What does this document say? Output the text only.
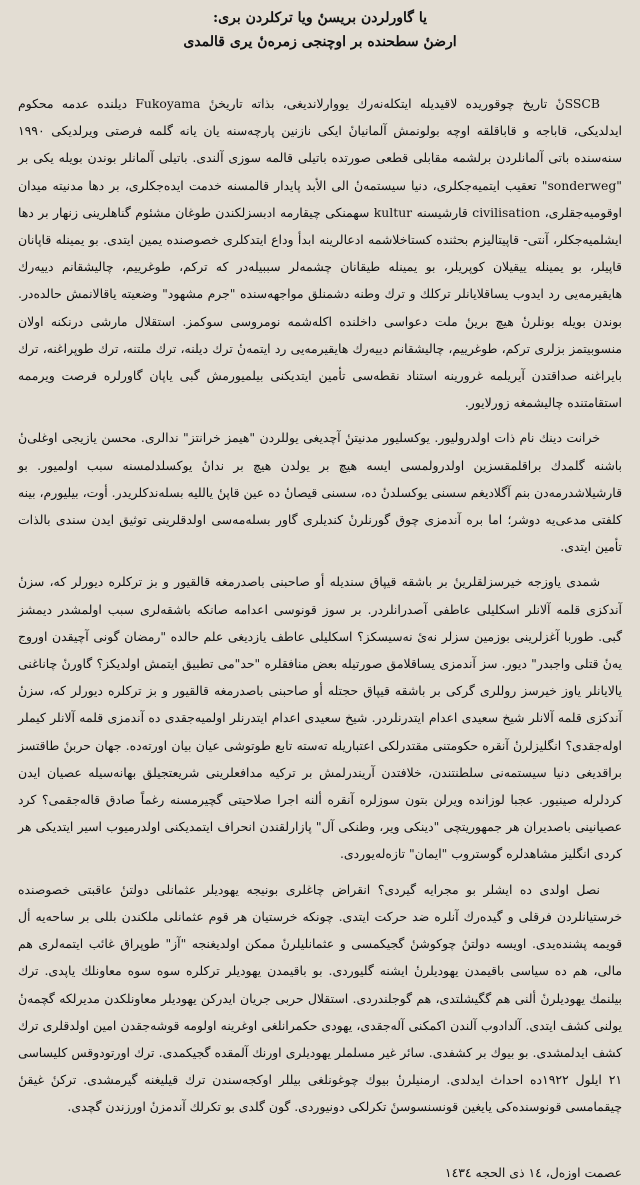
یا گاورلردن بریسنٔ ویا ترکلردن بری:

ارضنٔ سطحنده بر اوچنجی زمرەنٔ یری قالمدی

SSCBنٔ تاریخ چوقوریده لاقیدیله ایتکلەنەرك یووارلاندیغی، بذاته تاریخنٔ Fukoyama دیلنده عدمه محکوم ایدلدیکی، قاباجه و قاباقلقه اوچه بولونمش آلمانیانٔ ایکی نازنین پارچەسنه یان یانه گلمه فرصتی ویرلدیکی ۱۹۹۰ سنەسنده باتی آلمانلردن برلشمه مقابلی قطعی صورتده باتیلی قالمه سوزی آلندی. باتیلی آلمانلر بوندن بویله یکی بر "sonderweg" تعقیب ایتمیەجکلری، دنیا سیستمەنٔ الی الأبد پایدار قالمسنه خدمت ایدەجکلری، بر دها مدنیته میدان اوقومیەجقلری، civilisation قارشیسنه kultur سهمنکی چیقارمه ادبسزلکندن طوغان مشئوم گناهلرینی زنهار بر دها ایشلمیەجکلر، آنتی- قاپیتالیزم بحثنده کستاخلاشمه ادعالرینه ابدأ وداع ایتدکلری خصوصنده یمین ایتدی. بو یمینله قاپانان قاپیلر، بو یمینله ییقیلان کوپریلر، بو یمینله طیقانان چشمەلر سببیلەدر که ترکم، طوغرییم، چالیشقانم دییەرك هایقیرمه‌یی رد ایدوب یساقلایانلر ترکلك و ترك وطنه دشمنلق مواجهەسنده "جرم مشهود" وضعیته یاقالانمش حالدەدر. بوندن بویله بونلرنٔ هیچ برینٔ ملت دعواسی داخلنده اکلەشمه نومروسی سوکمز. استقلال مارشی درنکنه اولان منسوبیتمز بزلری ترکم، طوغرییم، چالیشقانم دییەرك هایقیرمه‌یی رد ایتمەنٔ ترك دیلنه، ترك ملتنه، ترك طوپراغنه، ترك بایراغنه صداقتدن آیریلمه غرورینه استناد نقطەسی تأمین ایتدیکنی بیلمیورمش گبی یاپان گاورلره فرصت ویرممه استقامتنده چالیشمغه زورلایور.

خرانت دینك نام ذات اولدرولیور. یوکسلیور مدنیتنٔ آچدیغی یوللردن "هیمز خرانتز" ندالری. محسن یازیجی اوغلی‌نٔ باشنه گلمدك براقلمقسزین اولدرولمسی ایسه هیچ بر یولدن هیچ بر ندانٔ یوکسلدلمسنه سبب اولمیور. بو قارشیلاشدرمه‌دن بنم آگلادیغم سسنی یوکسلدنٔ ده، سسنی قیصانٔ ده عین قاپنٔ یاللیه بسلەندکلریدر. أوت، بیلیورم، بینه کلفتی مدعی‌یه دوشر؛ اما بره آندمزی چوق گورنلرنٔ کندیلری گاور بسلەمەسی اولدقلرینی توثیق ایدن سندی بالذات تأمین ایتدی.

شمدی یاوزجه خیرسزلقلرینٔ بر باشقه قیپاق سندیله أو صاحبنی باصدرمغه قالقیور و بز ترکلره دیورلر که، سزنٔ آندکزی قلمه آلانلر اسکلیلی عاطفی آصدرانلردر. بر سوز قونوسی اعدامه صانکه باشقەلری سبب اولمشدر دیمشز گبی. طوربا آغزلرینی بوزمین سزلر نەیٔ نەسیسکز؟ اسکلیلی عاطف یازدیغی علم حالده "رمضان گونی آچیقدن اوروج یەنٔ قتلی واجبدر" دیور. سز آندمزی یساقلامق صورتیله بعض منافقلره "حد"می تطبیق ایتمش اولدیکز؟ گاورنٔ چاناغنی یالایانلر یاوز خیرسز روللری گرکی بر باشقه قیپاق حجتله أو صاحبنی باصدرمغه قالقیور و بز ترکلره دیورلر که، سزنٔ آندکزی قلمه آلانلر شیخ سعیدی اعدام ایتدرنلردر. شیخ سعیدی اعدام ایتدرنلر اولمیەجقدی ده آندمزی قلمه آلانلر کیملر اولەجقدی؟ انگلیزلرنٔ آنقره حکومتنی مقتدرلکی اعتباریله تەسته تابع طوتوشی عیان بیان اورتەده. جهان حربنٔ طاقتسز براقدیغی دنیا سیستمەنی سلطنتندن، خلافتدن آریندرلمش بر ترکیه مدافعلرینی شریعتجیلق بهانەسیله عصیان ایدن کردلرله صینیور. عجبا لوزانده ویرلن بتون سوزلره آنقره ألنه اجرا صلاحیتی گچیرمسنه رغماً صادق قالەجقمی؟ کرد عصیانینی باصدیران هر جمهوریتچی "دینکی ویر، وطنکی آل" پازارلقندن انحراف ایتمدیکنی اولدرمیوب اسیر ایتدیکی هر کردی انگلیز مشاهدلره گوستروب "ایمان" تازەلەیوردی.

نصل اولدی ده ایشلر بو مجرایه گیردی؟ انقراض چاغلری بونیجه یهودیلر عثمانلی دولتنٔ عاقبتی خصوصنده خرستیانلردن فرقلی و گیدەرك آنلره ضد حرکت ایتدی. چونکه خرستیان هر قوم عثمانلی ملکندن بللی بر ساحەیه أل قویمه پشندەیدی. اویسه دولتنٔ چوکوشنٔ گجیکمسی و عثمانلیلرنٔ ممکن اولدیغنجه "آز" طوپراق غائب ایتمەلری هم مالی، هم ده سیاسی باقیمدن یهودیلرنٔ ایشنه گلیوردی. بو باقیمدن یهودیلر ترکلره سوه سوه معاونلك یاپدی. ترك بیلنمك یهودیلرنٔ ألنی هم گگیشلتدی، هم گوجلندردی. استقلال حربی جریان ایدرکن یهودیلر معاونلکدن مدیرلکه گچمەنٔ یولنی کشف ایتدی. آلدادوب آلندن اکمکنی آلەجقدی، یهودی حکمرانلغی اوغرینه اولومه قوشەجقدن امین اولدقلری ترك کشف ایدلمشدی. بو بیوك بر کشفدی. سائر غیر مسلملر یهودیلری اورنك آلمقده گجیکمدی. ترك اورتودوقس کلیساسی ۲۱ ایلول ۱۹۲۲ده احداث ایدلدی. ارمنیلرنٔ بیوك چوغونلغی بیللر اوکجەسندن ترك قیلیغنه گیرمشدی. ترکنٔ غیقنٔ چیقمامسی قونوسندەکی یایغین قونسنسوسنٔ تکرلکی دونیوردی. گون گلدی بو تکرلك آندمزنٔ اورزندن گچدی.

عصمت اوزەل، ۱٤ ذی الحجه ۱٤۳٤
